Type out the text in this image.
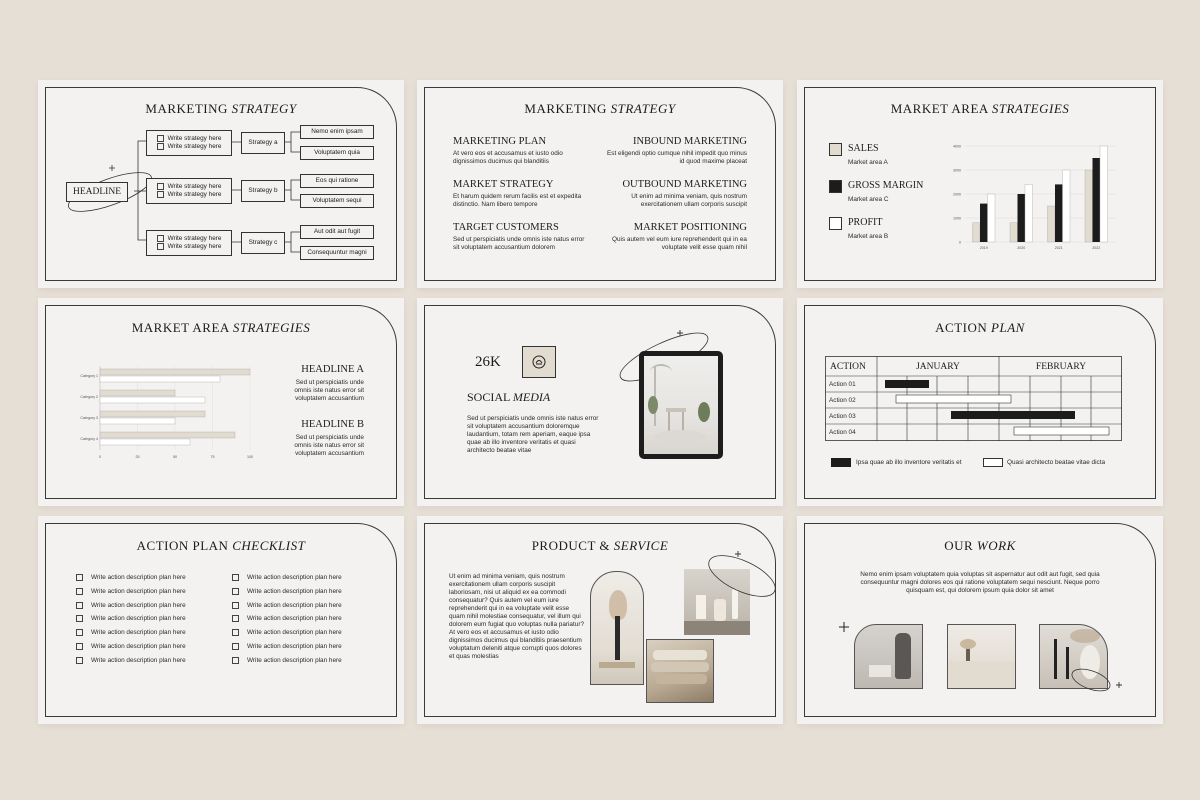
MARKETING STRATEGY
HEADLINE
Write strategy here
Write strategy here
Strategy a
Nemo enim ipsam
Voluptatem quia
Write strategy here
Write strategy here
Strategy b
Eos qui ratione
Voluptatem sequi
Write strategy here
Write strategy here
Strategy c
Aut odit aut fugit
Consequuntur magni
MARKETING STRATEGY
MARKETING PLAN
At vero eos et accusamus et iusto odio dignissimos ducimus qui blanditiis
INBOUND MARKETING
Est eligendi optio cumque nihil impedit quo minus id quod maxime placeat
MARKET STRATEGY
Et harum quidem rerum facilis est et expedita distinctio. Nam libero tempore
OUTBOUND MARKETING
Ut enim ad minima veniam, quis nostrum exercitationem ullam corporis suscipit
TARGET CUSTOMERS
Sed ut perspiciatis unde omnis iste natus error sit voluptatem accusantium dolorem
MARKET POSITIONING
Quis autem vel eum iure reprehenderit qui in ea voluptate velit esse quam nihil
MARKET AREA STRATEGIES
SALES
Market area A
GROSS MARGIN
Market area C
PROFIT
Market area B
0
1000
2000
3000
4000
2019	2020	2021	2022
MARKET AREA STRATEGIES
0	25	50	75	100
Category 1
Category 2
Category 3
Category 4
HEADLINE A
Sed ut perspiciatis unde omnis iste natus error sit voluptatem accusantium
HEADLINE B
Sed ut perspiciatis unde omnis iste natus error sit voluptatem accusantium
26K
SOCIAL MEDIA
Sed ut perspiciatis unde omnis iste natus error sit voluptatem accusantium doloremque laudantium, totam rem aperiam, eaque ipsa quae ab illo inventore veritatis et quasi architecto beatae vitae
ACTION PLAN
ACTION	JANUARY	FEBRUARY
Action 01
Action 02
Action 03
Action 04
Ipsa quae ab illo inventore veritatis et	Quasi architecto beatae vitae dicta
ACTION PLAN CHECKLIST
Write action description plan here
Write action description plan here
Write action description plan here
Write action description plan here
Write action description plan here
Write action description plan here
Write action description plan here
Write action description plan here
Write action description plan here
Write action description plan here
Write action description plan here
Write action description plan here
Write action description plan here
Write action description plan here
PRODUCT & SERVICE
Ut enim ad minima veniam, quis nostrum exercitationem ullam corporis suscipit laboriosam, nisi ut aliquid ex ea commodi consequatur? Quis autem vel eum iure reprehenderit qui in ea voluptate velit esse quam nihil molestiae consequatur, vel illum qui dolorem eum fugiat quo voluptas nulla pariatur? At vero eos et accusamus et iusto odio dignissimos ducimus qui blanditiis praesentium voluptatum deleniti atque corrupti quos dolores et quas molestias
OUR WORK
Nemo enim ipsam voluptatem quia voluptas sit aspernatur aut odit aut fugit, sed quia consequuntur magni dolores eos qui ratione voluptatem sequi nesciunt. Neque porro quisquam est, qui dolorem ipsum quia dolor sit amet
